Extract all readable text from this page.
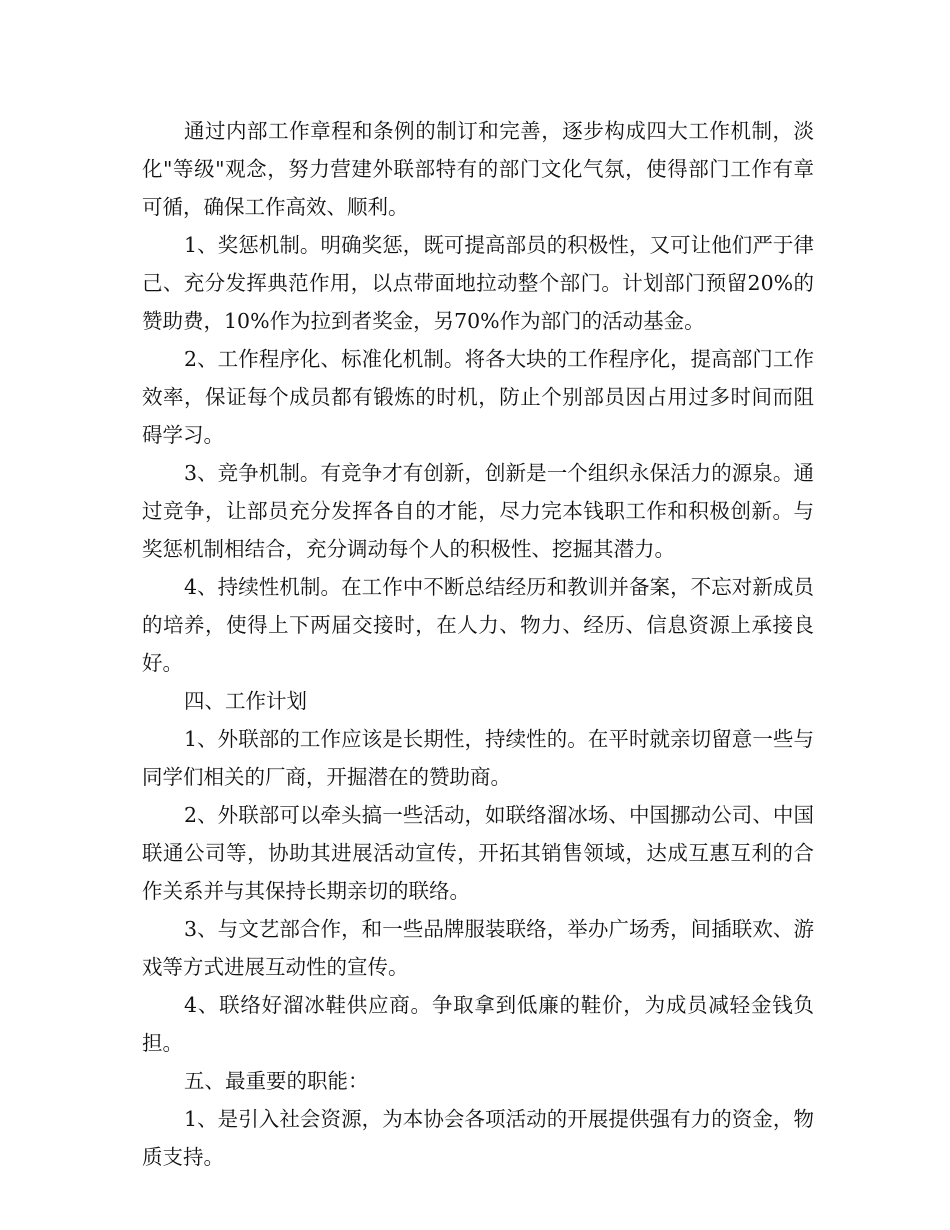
通过内部工作章程和条例的制订和完善，逐步构成四大工作机制，淡化"等级"观念，努力营建外联部特有的部门文化气氛，使得部门工作有章可循，确保工作高效、顺利。

1、奖惩机制。明确奖惩，既可提高部员的积极性，又可让他们严于律己、充分发挥典范作用，以点带面地拉动整个部门。计划部门预留20%的赞助费，10%作为拉到者奖金，另70%作为部门的活动基金。

2、工作程序化、标准化机制。将各大块的工作程序化，提高部门工作效率，保证每个成员都有锻炼的时机，防止个别部员因占用过多时间而阻碍学习。

3、竞争机制。有竞争才有创新，创新是一个组织永保活力的源泉。通过竞争，让部员充分发挥各自的才能，尽力完本钱职工作和积极创新。与奖惩机制相结合，充分调动每个人的积极性、挖掘其潜力。

4、持续性机制。在工作中不断总结经历和教训并备案，不忘对新成员的培养，使得上下两届交接时，在人力、物力、经历、信息资源上承接良好。

四、工作计划

1、外联部的工作应该是长期性，持续性的。在平时就亲切留意一些与同学们相关的厂商，开掘潜在的赞助商。

2、外联部可以牵头搞一些活动，如联络溜冰场、中国挪动公司、中国联通公司等，协助其进展活动宣传，开拓其销售领域，达成互惠互利的合作关系并与其保持长期亲切的联络。

3、与文艺部合作，和一些品牌服装联络，举办广场秀，间插联欢、游戏等方式进展互动性的宣传。

4、联络好溜冰鞋供应商。争取拿到低廉的鞋价，为成员减轻金钱负担。

五、最重要的职能：

1、是引入社会资源，为本协会各项活动的开展提供强有力的资金，物质支持。
